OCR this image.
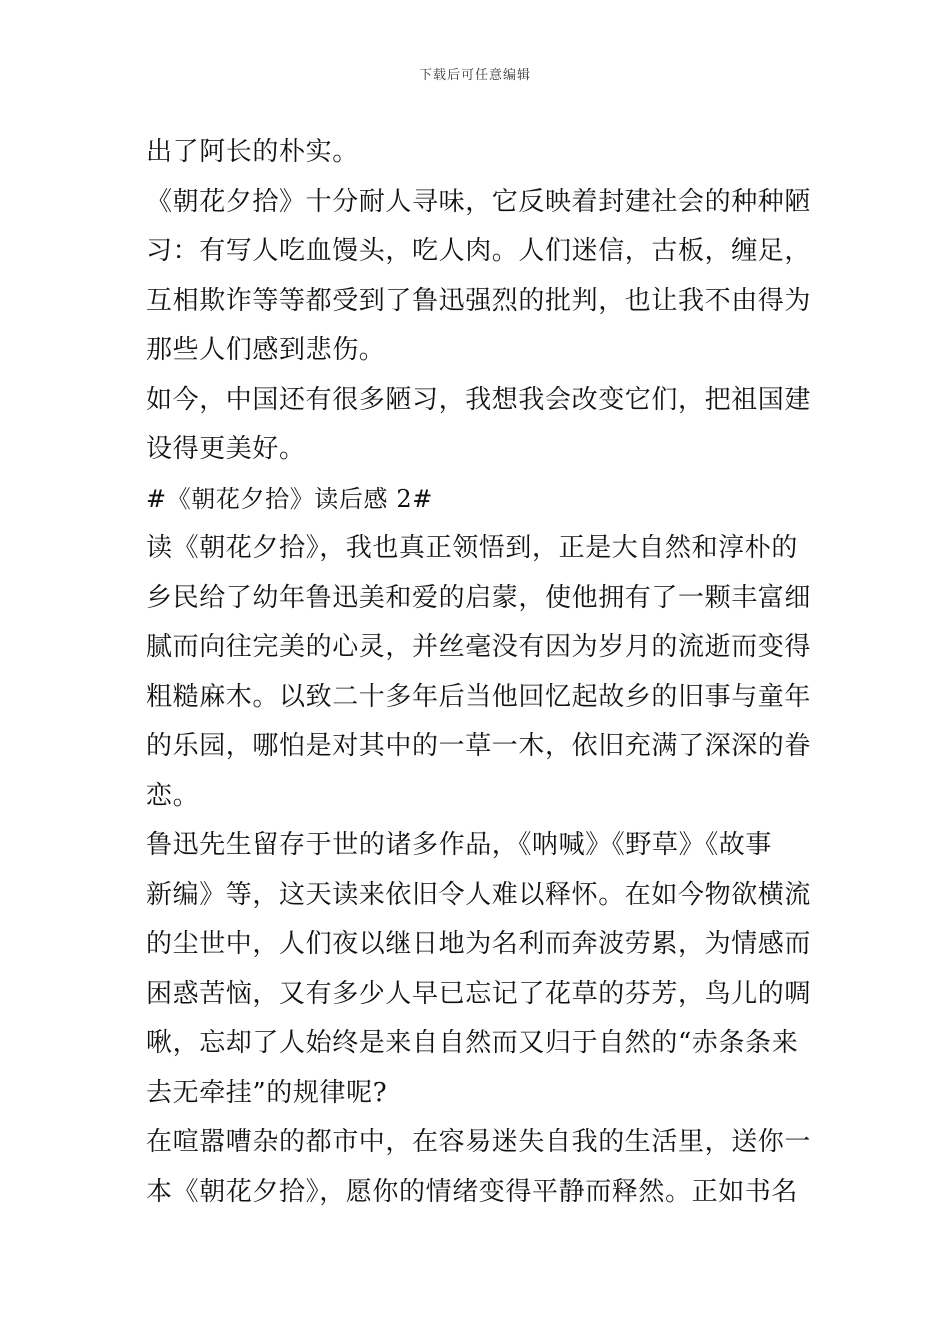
下载后可任意编辑
出了阿长的朴实。
《朝花夕拾》十分耐人寻味，它反映着封建社会的种种陋
习：有写人吃血馒头，吃人肉。人们迷信，古板，缠足，
互相欺诈等等都受到了鲁迅强烈的批判，也让我不由得为
那些人们感到悲伤。
如今，中国还有很多陋习，我想我会改变它们，把祖国建
设得更美好。
#《朝花夕拾》读后感 2#
读《朝花夕拾》，我也真正领悟到，正是大自然和淳朴的
乡民给了幼年鲁迅美和爱的启蒙，使他拥有了一颗丰富细
腻而向往完美的心灵，并丝毫没有因为岁月的流逝而变得
粗糙麻木。以致二十多年后当他回忆起故乡的旧事与童年
的乐园，哪怕是对其中的一草一木，依旧充满了深深的眷
恋。
鲁迅先生留存于世的诸多作品，《呐喊》《野草》《故事
新编》等，这天读来依旧令人难以释怀。在如今物欲横流
的尘世中，人们夜以继日地为名利而奔波劳累，为情感而
困惑苦恼，又有多少人早已忘记了花草的芬芳，鸟儿的啁
啾，忘却了人始终是来自自然而又归于自然的“赤条条来
去无牵挂”的规律呢?
在喧嚣嘈杂的都市中，在容易迷失自我的生活里，送你一
本《朝花夕拾》，愿你的情绪变得平静而释然。正如书名
